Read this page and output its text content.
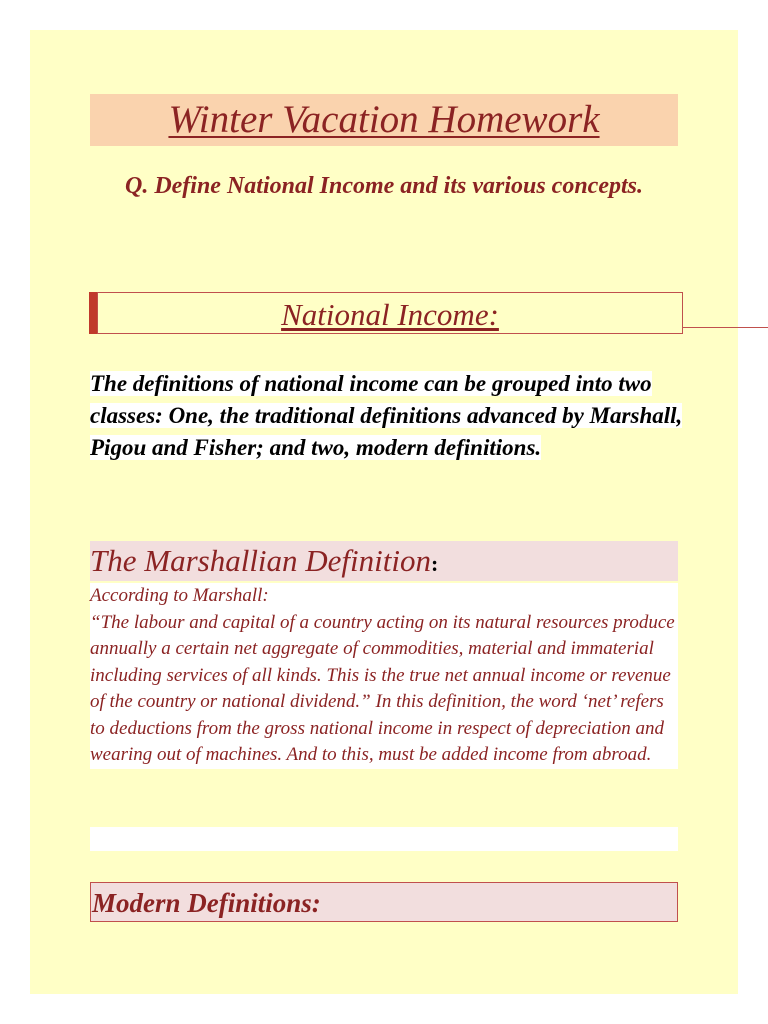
Winter Vacation Homework
Q. Define National Income and its various concepts.
National Income:
The definitions of national income can be grouped into two classes: One, the traditional definitions advanced by Marshall, Pigou and Fisher; and two, modern definitions.
The Marshallian Definition:
According to Marshall:
“The labour and capital of a country acting on its natural resources produce annually a certain net aggregate of commodities, material and immaterial including services of all kinds. This is the true net annual income or revenue of the country or national dividend.” In this definition, the word ‘net’ refers to deductions from the gross national income in respect of depreciation and wearing out of machines. And to this, must be added income from abroad.
Modern Definitions:
